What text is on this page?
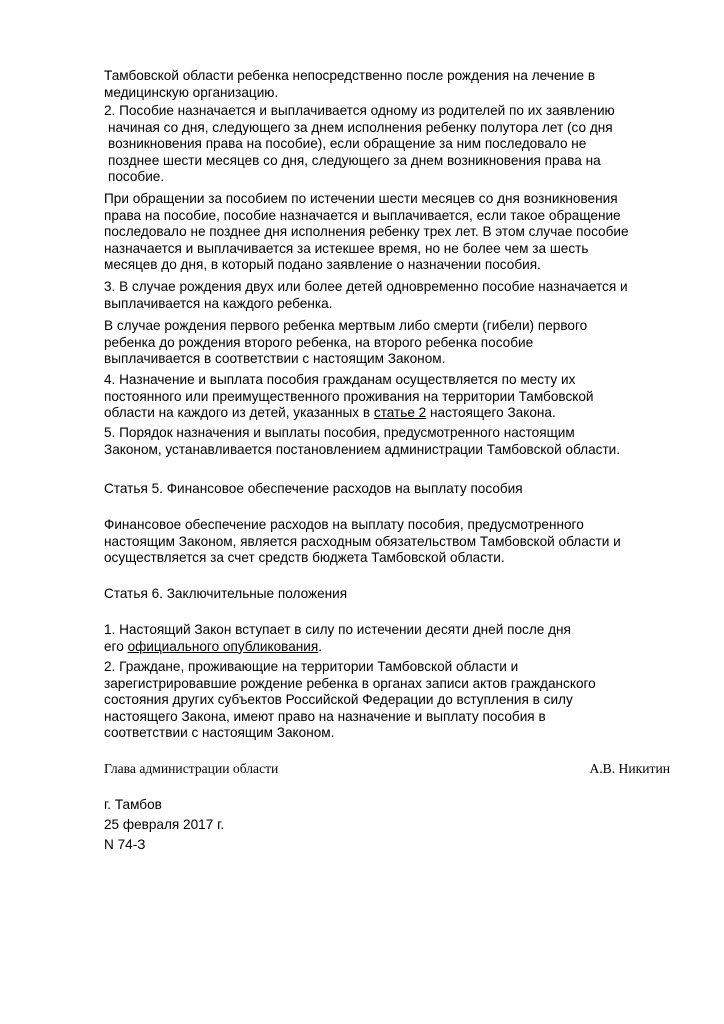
Тамбовской области ребенка непосредственно после рождения на лечение в
медицинскую организацию.
2. Пособие назначается и выплачивается одному из родителей по их заявлению
начиная со дня, следующего за днем исполнения ребенку полутора лет (со дня
возникновения права на пособие), если обращение за ним последовало не
позднее шести месяцев со дня, следующего за днем возникновения права на
пособие.
При обращении за пособием по истечении шести месяцев со дня возникновения
права на пособие, пособие назначается и выплачивается, если такое обращение
последовало не позднее дня исполнения ребенку трех лет. В этом случае пособие
назначается и выплачивается за истекшее время, но не более чем за шесть
месяцев до дня, в который подано заявление о назначении пособия.
3. В случае рождения двух или более детей одновременно пособие назначается и
выплачивается на каждого ребенка.
В случае рождения первого ребенка мертвым либо смерти (гибели) первого
ребенка до рождения второго ребенка, на второго ребенка пособие
выплачивается в соответствии с настоящим Законом.
4. Назначение и выплата пособия гражданам осуществляется по месту их
постоянного или преимущественного проживания на территории Тамбовской
области на каждого из детей, указанных в статье 2 настоящего Закона.
5. Порядок назначения и выплаты пособия, предусмотренного настоящим
Законом, устанавливается постановлением администрации Тамбовской области.
Статья 5. Финансовое обеспечение расходов на выплату пособия
Финансовое обеспечение расходов на выплату пособия, предусмотренного
настоящим Законом, является расходным обязательством Тамбовской области и
осуществляется за счет средств бюджета Тамбовской области.
Статья 6. Заключительные положения
1. Настоящий Закон вступает в силу по истечении десяти дней после дня
его официального опубликования.
2. Граждане, проживающие на территории Тамбовской области и
зарегистрировавшие рождение ребенка в органах записи актов гражданского
состояния других субъектов Российской Федерации до вступления в силу
настоящего Закона, имеют право на назначение и выплату пособия в
соответствии с настоящим Законом.
Глава администрации области	А.В. Никитин
г. Тамбов
25 февраля 2017 г.
N 74-З
